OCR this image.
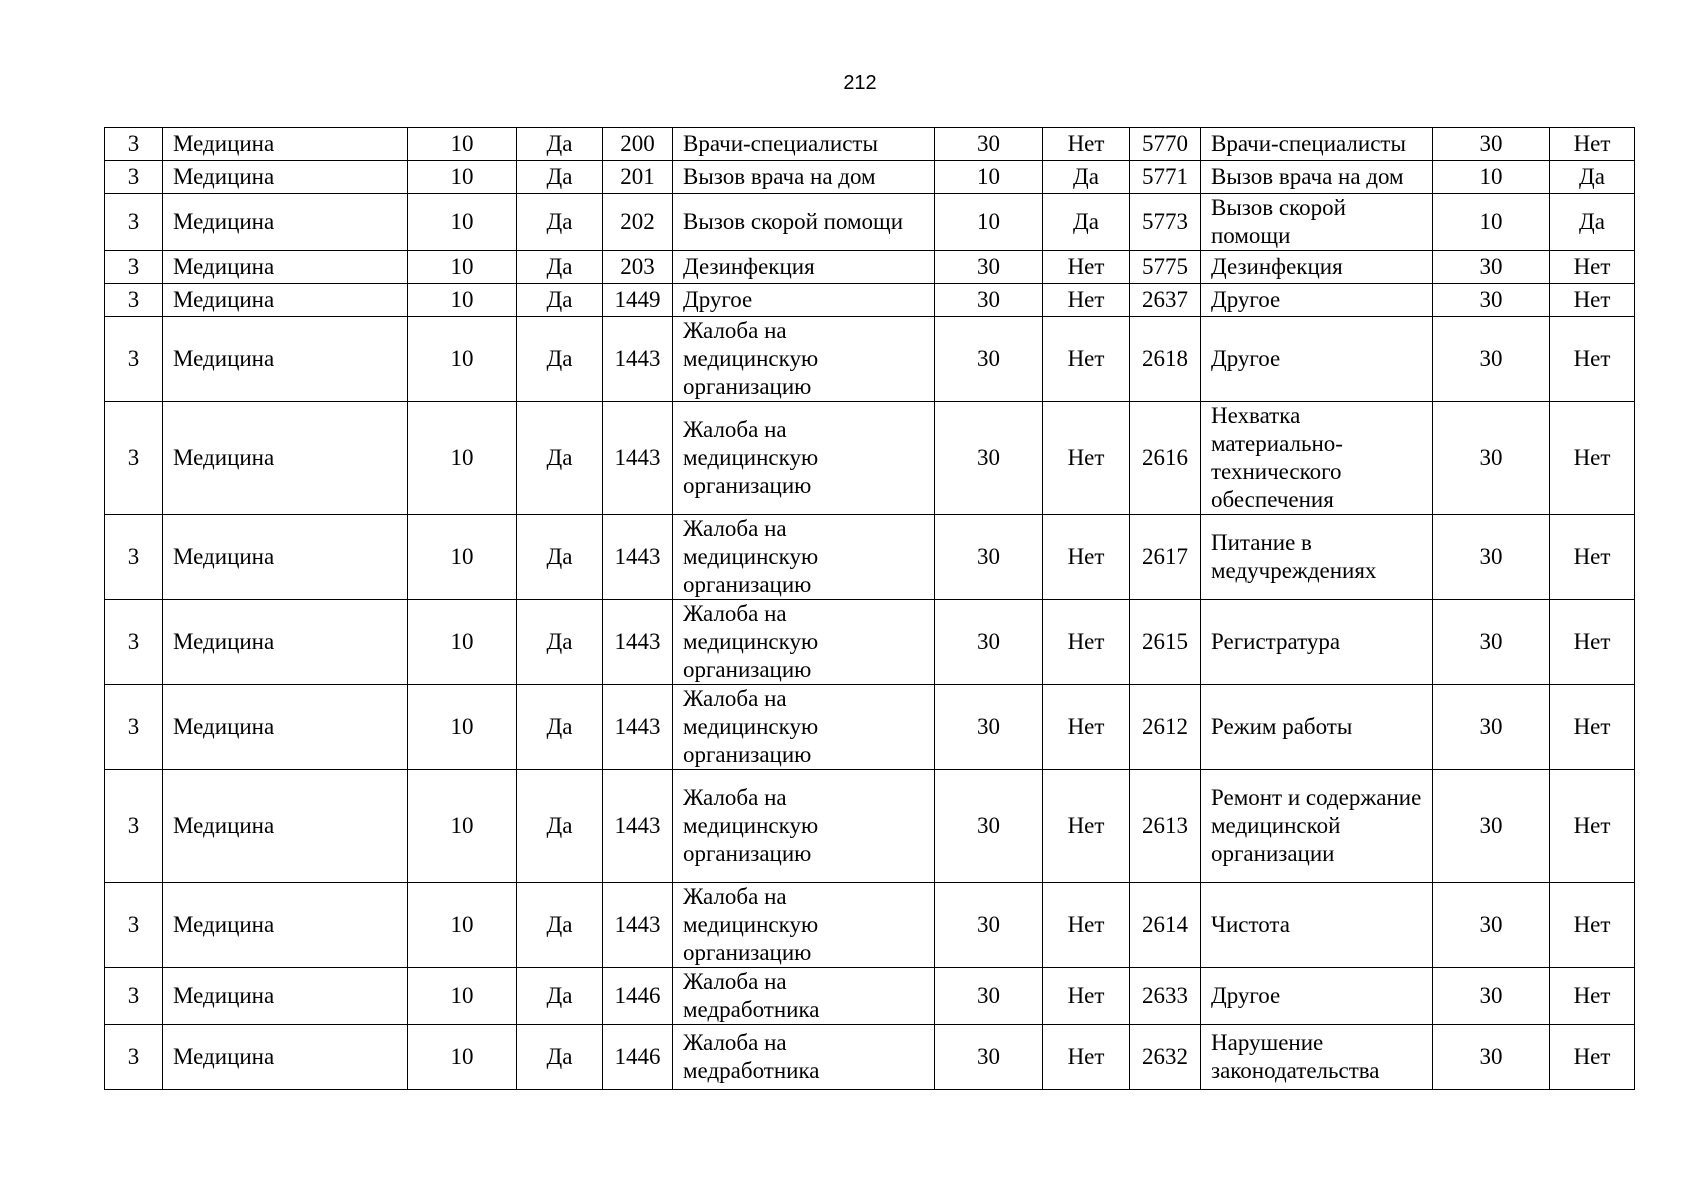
212
3	Медицина	10	Да	200	Врачи-специалисты	30	Нет	5770	Врачи-специалисты	30	Нет
3	Медицина	10	Да	201	Вызов врача на дом	10	Да	5771	Вызов врача на дом	10	Да
3	Медицина	10	Да	202	Вызов скорой помощи	10	Да	5773	Вызов скорой помощи	10	Да
3	Медицина	10	Да	203	Дезинфекция	30	Нет	5775	Дезинфекция	30	Нет
3	Медицина	10	Да	1449	Другое	30	Нет	2637	Другое	30	Нет
3	Медицина	10	Да	1443	Жалоба на медицинскую организацию	30	Нет	2618	Другое	30	Нет
3	Медицина	10	Да	1443	Жалоба на медицинскую организацию	30	Нет	2616	Нехватка материально-технического обеспечения	30	Нет
3	Медицина	10	Да	1443	Жалоба на медицинскую организацию	30	Нет	2617	Питание в медучреждениях	30	Нет
3	Медицина	10	Да	1443	Жалоба на медицинскую организацию	30	Нет	2615	Регистратура	30	Нет
3	Медицина	10	Да	1443	Жалоба на медицинскую организацию	30	Нет	2612	Режим работы	30	Нет
3	Медицина	10	Да	1443	Жалоба на медицинскую организацию	30	Нет	2613	Ремонт и содержание медицинской организации	30	Нет
3	Медицина	10	Да	1443	Жалоба на медицинскую организацию	30	Нет	2614	Чистота	30	Нет
3	Медицина	10	Да	1446	Жалоба на медработника	30	Нет	2633	Другое	30	Нет
3	Медицина	10	Да	1446	Жалоба на медработника	30	Нет	2632	Нарушение законодательства	30	Нет
